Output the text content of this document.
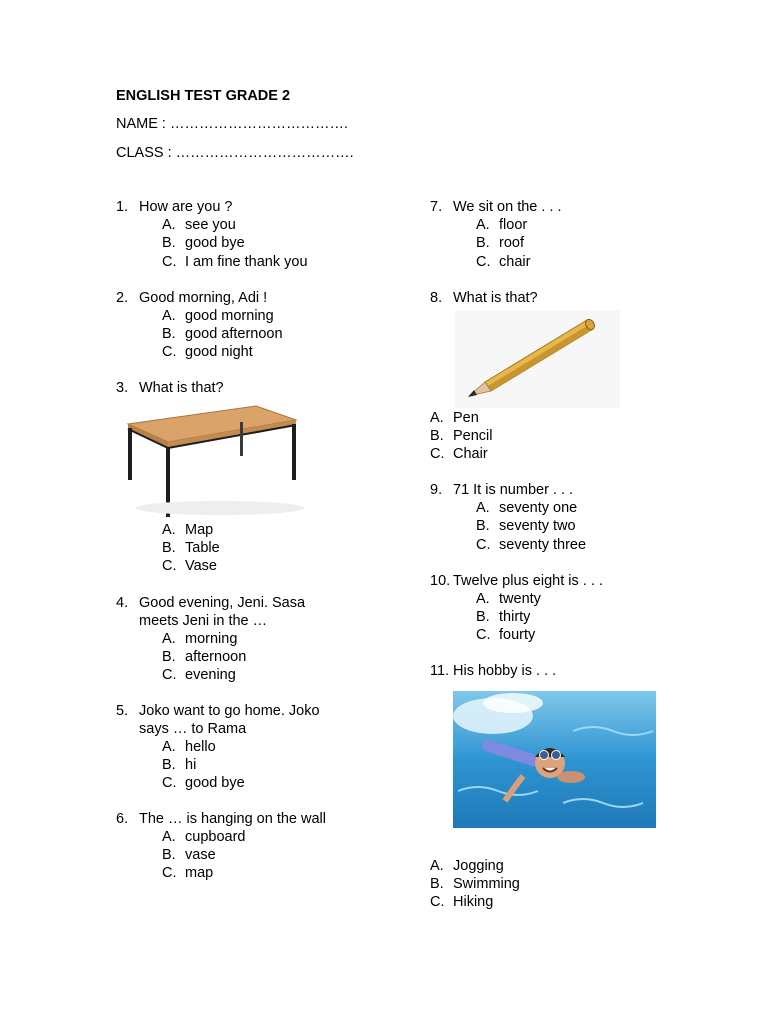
ENGLISH TEST GRADE 2
NAME : ……………………………….
CLASS : ……………………………….
1. How are you ?
A. see you
B. good bye
C. I am fine thank you
2. Good morning, Adi !
A. good morning
B. good afternoon
C. good night
3. What is that?
A. Map
B. Table
C. Vase
4. Good evening, Jeni. Sasa
meets Jeni in the …
A. morning
B. afternoon
C. evening
5. Joko want to go home. Joko
says … to Rama
A. hello
B. hi
C. good bye
6. The … is hanging on the wall
A. cupboard
B. vase
C. map
7. We sit on the . . .
A. floor
B. roof
C. chair
8. What is that?
A. Pen
B. Pencil
C. Chair
9. 71 It is number . . .
A. seventy one
B. seventy two
C. seventy three
10. Twelve plus eight is . . .
A. twenty
B. thirty
C. fourty
11. His hobby is . . .
A. Jogging
B. Swimming
C. Hiking
